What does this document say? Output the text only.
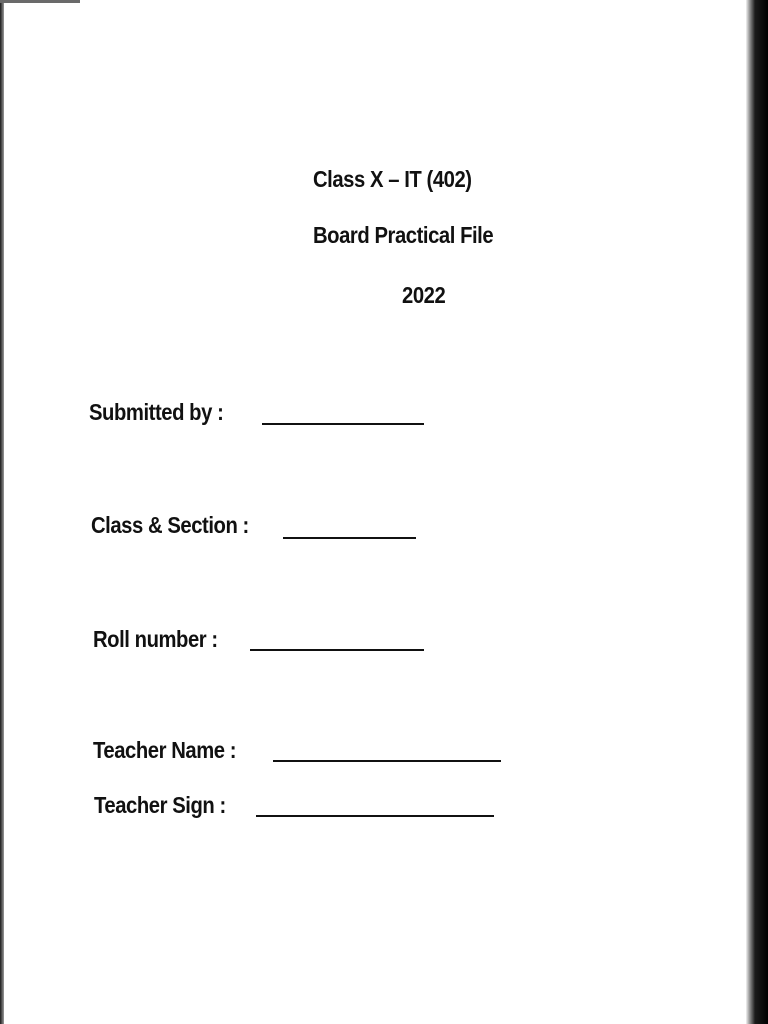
Class X – IT (402)
Board Practical File
2022
Submitted by :
Class & Section :
Roll number :
Teacher Name :
Teacher Sign :
